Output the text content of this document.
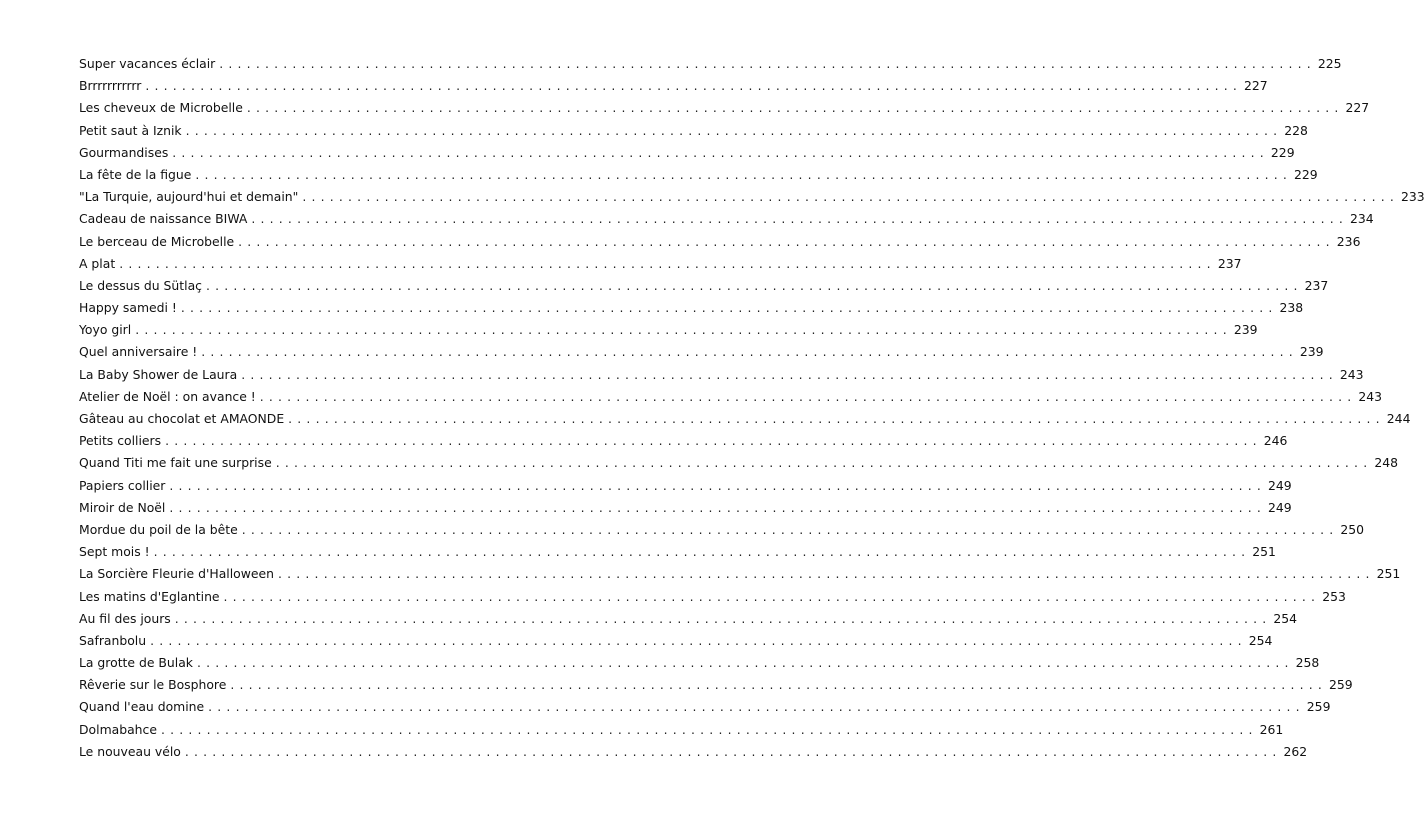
Super vacances éclair ........................................................................................................................ 225
Brrrrrrrrrrr ........................................................................................................................ 227
Les cheveux de Microbelle ........................................................................................................................ 227
Petit saut à Iznik ........................................................................................................................ 228
Gourmandises ........................................................................................................................ 229
La fête de la figue ........................................................................................................................ 229
"La Turquie, aujourd'hui et demain" ........................................................................................................................ 233
Cadeau de naissance BIWA ........................................................................................................................ 234
Le berceau de Microbelle ........................................................................................................................ 236
A plat ........................................................................................................................ 237
Le dessus du Sütlaç ........................................................................................................................ 237
Happy samedi ! ........................................................................................................................ 238
Yoyo girl ........................................................................................................................ 239
Quel anniversaire ! ........................................................................................................................ 239
La Baby Shower de Laura ........................................................................................................................ 243
Atelier de Noël : on avance ! ........................................................................................................................ 243
Gâteau au chocolat et AMAONDE ........................................................................................................................ 244
Petits colliers ........................................................................................................................ 246
Quand Titi me fait une surprise ........................................................................................................................ 248
Papiers collier ........................................................................................................................ 249
Miroir de Noël ........................................................................................................................ 249
Mordue du poil de la bête ........................................................................................................................ 250
Sept mois ! ........................................................................................................................ 251
La Sorcière Fleurie d'Halloween ........................................................................................................................ 251
Les matins d'Eglantine ........................................................................................................................ 253
Au fil des jours ........................................................................................................................ 254
Safranbolu ........................................................................................................................ 254
La grotte de Bulak ........................................................................................................................ 258
Rêverie sur le Bosphore ........................................................................................................................ 259
Quand l'eau domine ........................................................................................................................ 259
Dolmabahce ........................................................................................................................ 261
Le nouveau vélo ........................................................................................................................ 262
